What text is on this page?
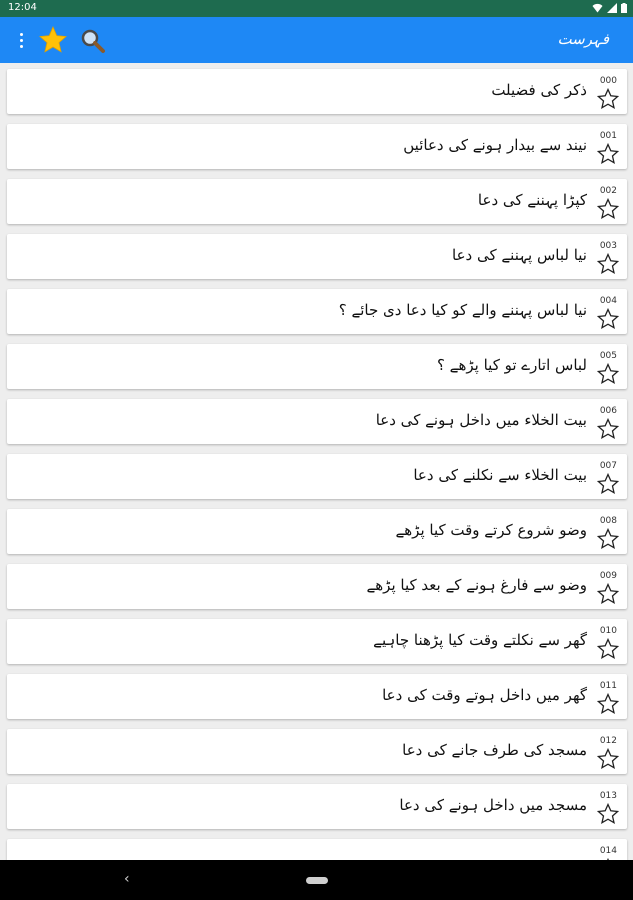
12:04
فہرست
000
ذکر کی فضیلت
001
نیند سے بیدار ہونے کی دعائیں
002
کپڑا پہننے کی دعا
003
نیا لباس پہننے کی دعا
004
نیا لباس پہننے والے کو کیا دعا دی جائے ؟
005
لباس اتارے تو کیا پڑھے ؟
006
بیت الخلاء میں داخل ہونے کی دعا
007
بیت الخلاء سے نکلنے کی دعا
008
وضو شروع کرتے وقت کیا پڑھے
009
وضو سے فارغ ہونے کے بعد کیا پڑھے
010
گھر سے نکلتے وقت کیا پڑھنا چاہیے
011
گھر میں داخل ہوتے وقت کی دعا
012
مسجد کی طرف جانے کی دعا
013
مسجد میں داخل ہونے کی دعا
014
‹
